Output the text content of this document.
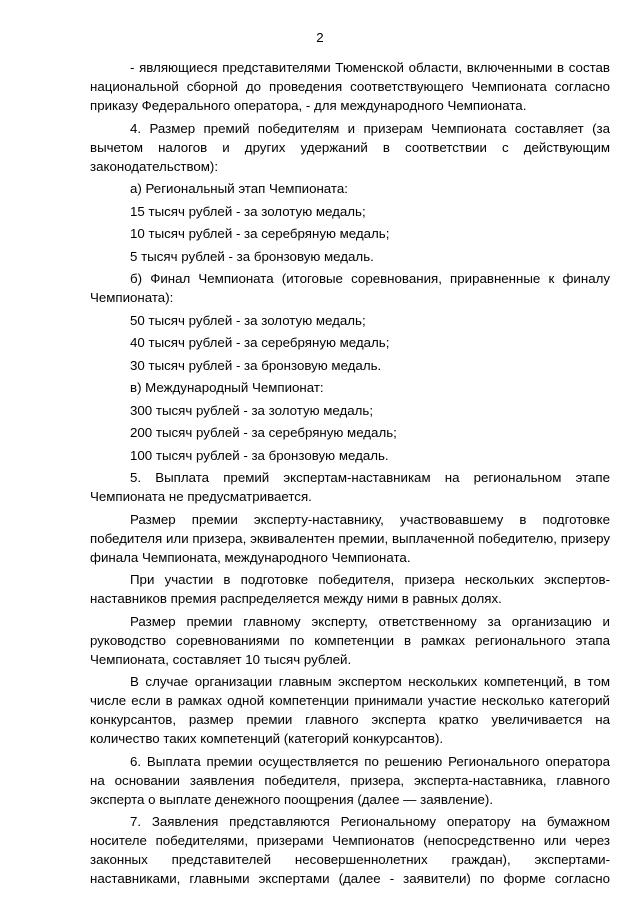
2

- являющиеся представителями Тюменской области, включенными в состав национальной сборной до проведения соответствующего Чемпионата согласно приказу Федерального оператора, - для международного Чемпионата.

4. Размер премий победителям и призерам Чемпионата составляет (за вычетом налогов и других удержаний в соответствии с действующим законодательством):

а) Региональный этап Чемпионата:

15 тысяч рублей - за золотую медаль;

10 тысяч рублей - за серебряную медаль;

5 тысяч рублей - за бронзовую медаль.

б) Финал Чемпионата (итоговые соревнования, приравненные к финалу Чемпионата):

50 тысяч рублей - за золотую медаль;

40 тысяч рублей - за серебряную медаль;

30 тысяч рублей - за бронзовую медаль.

в) Международный Чемпионат:

300 тысяч рублей - за золотую медаль;

200 тысяч рублей - за серебряную медаль;

100 тысяч рублей - за бронзовую медаль.

5. Выплата премий экспертам-наставникам на региональном этапе Чемпионата не предусматривается.

Размер премии эксперту-наставнику, участвовавшему в подготовке победителя или призера, эквивалентен премии, выплаченной победителю, призеру финала Чемпионата, международного Чемпионата.

При участии в подготовке победителя, призера нескольких экспертов-наставников премия распределяется между ними в равных долях.

Размер премии главному эксперту, ответственному за организацию и руководство соревнованиями по компетенции в рамках регионального этапа Чемпионата, составляет 10 тысяч рублей.

В случае организации главным экспертом нескольких компетенций, в том числе если в рамках одной компетенции принимали участие несколько категорий конкурсантов, размер премии главного эксперта кратко увеличивается на количество таких компетенций (категорий конкурсантов).

6. Выплата премии осуществляется по решению Регионального оператора на основании заявления победителя, призера, эксперта-наставника, главного эксперта о выплате денежного поощрения (далее — заявление).

7. Заявления представляются Региональному оператору на бумажном носителе победителями, призерами Чемпионатов (непосредственно или через законных представителей несовершеннолетних граждан), экспертами-наставниками, главными экспертами (далее - заявители) по форме согласно
